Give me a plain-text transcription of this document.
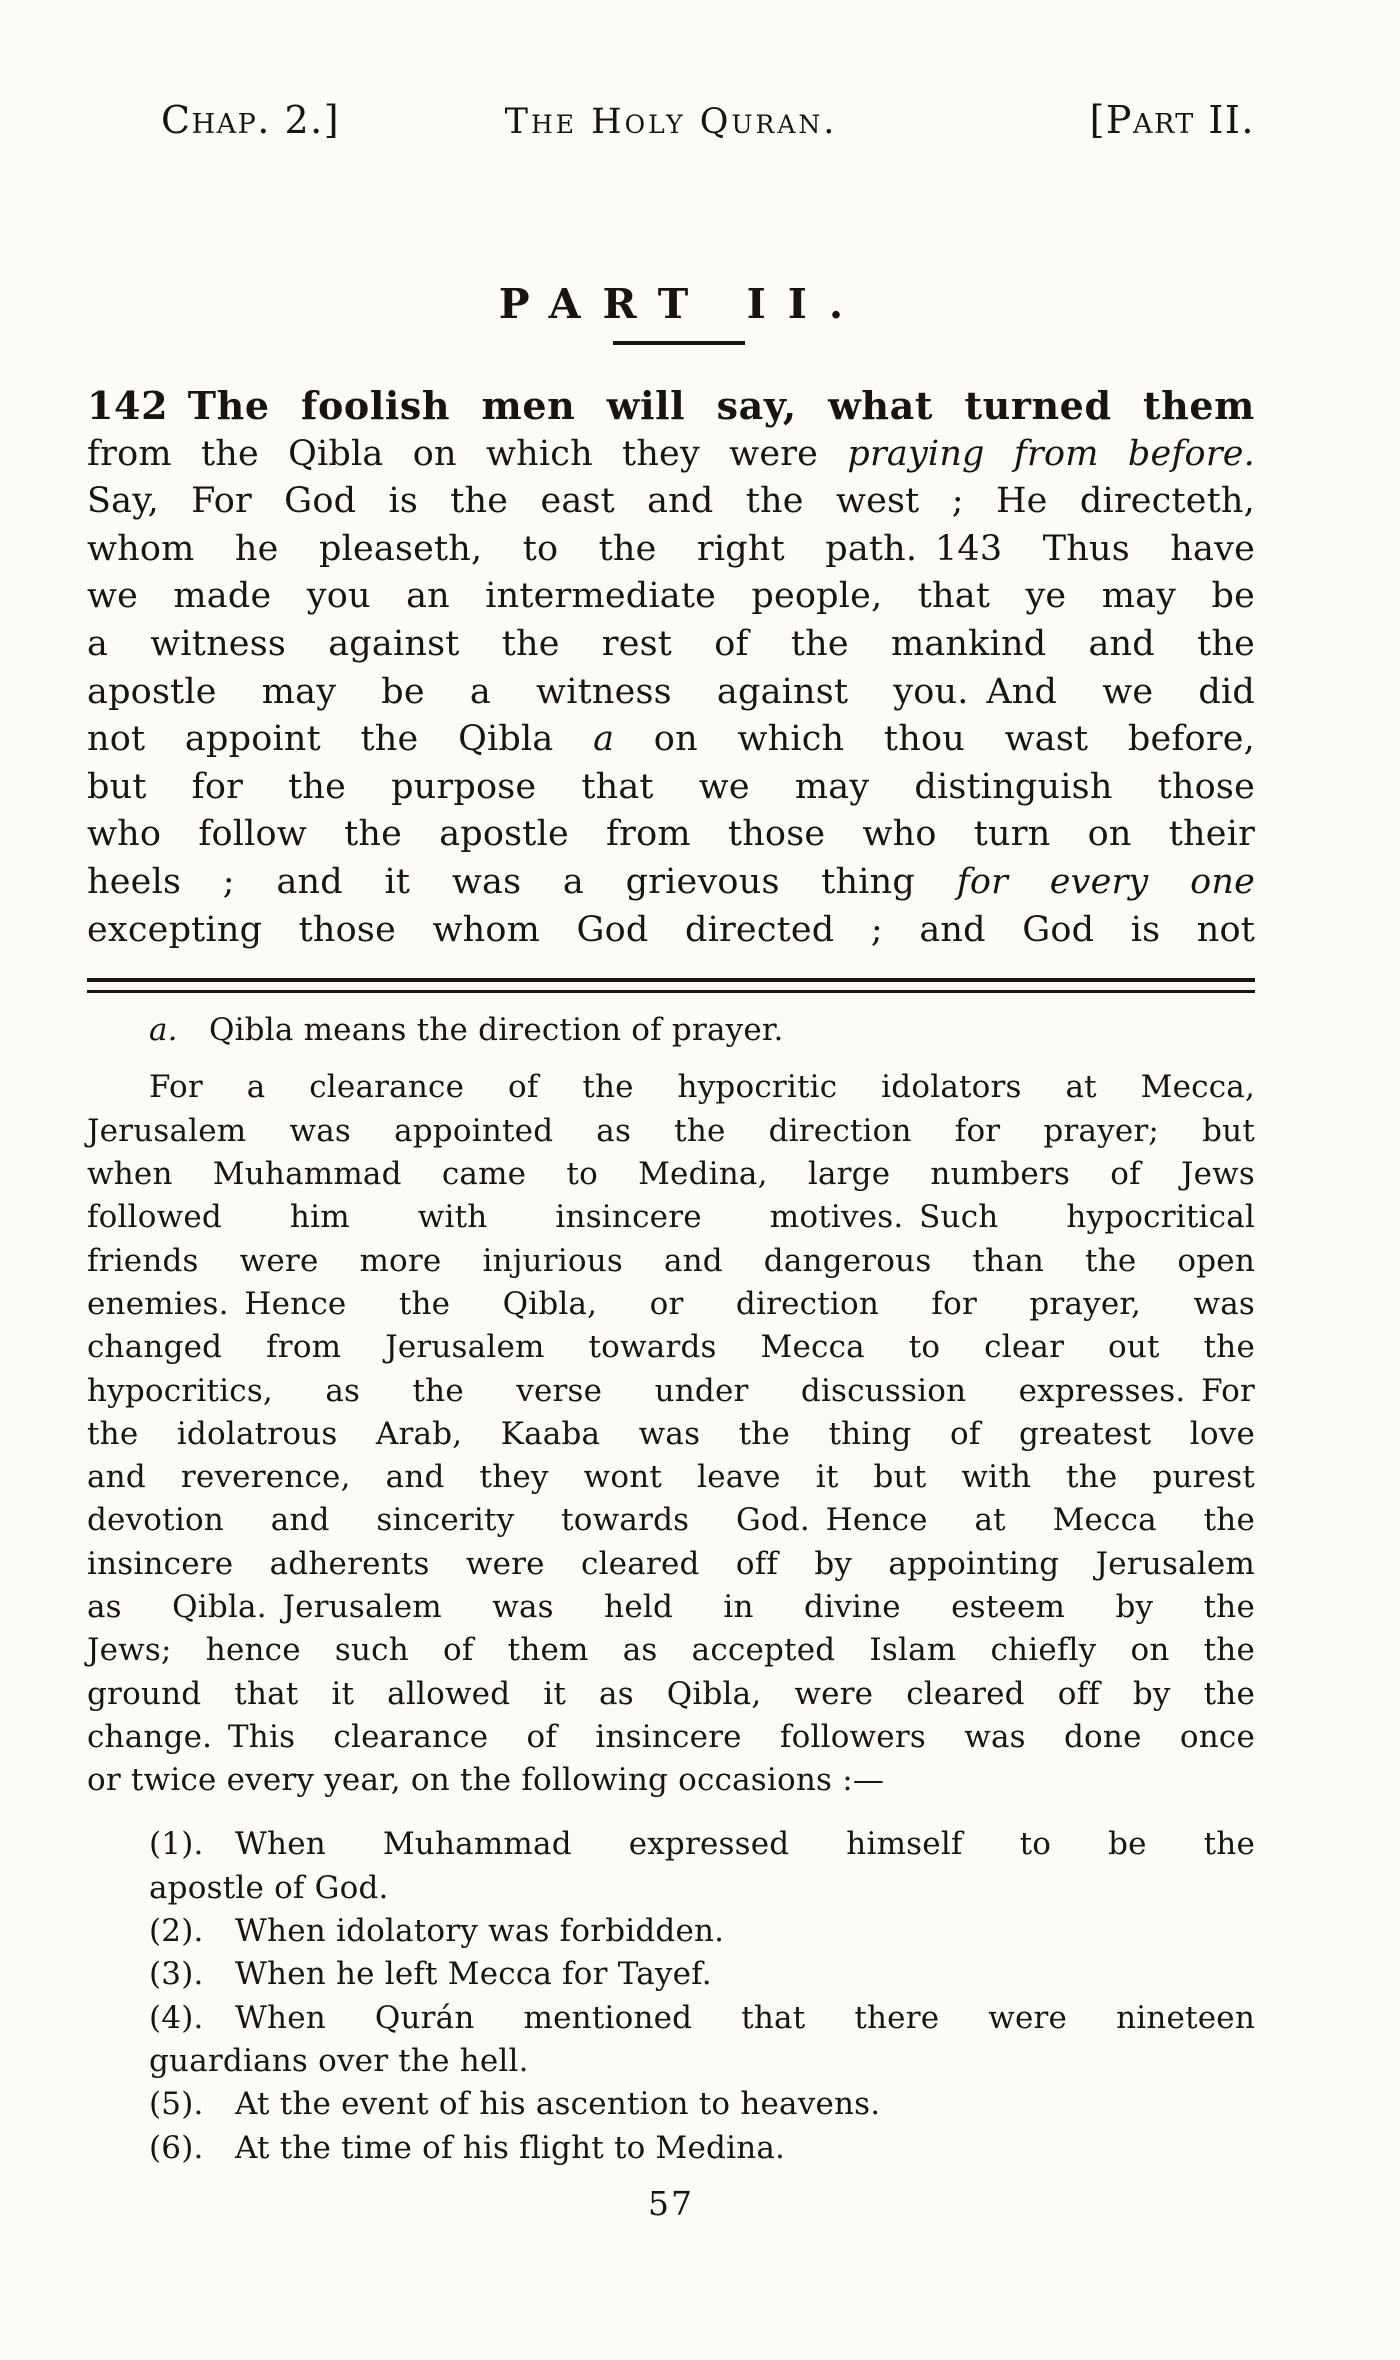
Chap. 2.]	The Holy Quran.	[Part II.
PART II.
142 The foolish men will say, what turned them
from the Qibla on which they were praying from before.
Say, For God is the east and the west ; He directeth,
whom he pleaseth, to the right path. 143 Thus have
we made you an intermediate people, that ye may be
a witness against the rest of the mankind and the
apostle may be a witness against you. And we did
not appoint the Qibla a on which thou wast before,
but for the purpose that we may distinguish those
who follow the apostle from those who turn on their
heels ; and it was a grievous thing for every one
excepting those whom God directed ; and God is not
a. Qibla means the direction of prayer.
For a clearance of the hypocritic idolators at Mecca,
Jerusalem was appointed as the direction for prayer; but
when Muhammad came to Medina, large numbers of Jews
followed him with insincere motives. Such hypocritical
friends were more injurious and dangerous than the open
enemies. Hence the Qibla, or direction for prayer, was
changed from Jerusalem towards Mecca to clear out the
hypocritics, as the verse under discussion expresses. For
the idolatrous Arab, Kaaba was the thing of greatest love
and reverence, and they wont leave it but with the purest
devotion and sincerity towards God. Hence at Mecca the
insincere adherents were cleared off by appointing Jerusalem
as Qibla. Jerusalem was held in divine esteem by the
Jews; hence such of them as accepted Islam chiefly on the
ground that it allowed it as Qibla, were cleared off by the
change. This clearance of insincere followers was done once
or twice every year, on the following occasions :—
(1).  When Muhammad expressed himself to be the
apostle of God.
(2).  When idolatory was forbidden.
(3).  When he left Mecca for Tayef.
(4).  When Qurán mentioned that there were nineteen
guardians over the hell.
(5).  At the event of his ascention to heavens.
(6).  At the time of his flight to Medina.
57
